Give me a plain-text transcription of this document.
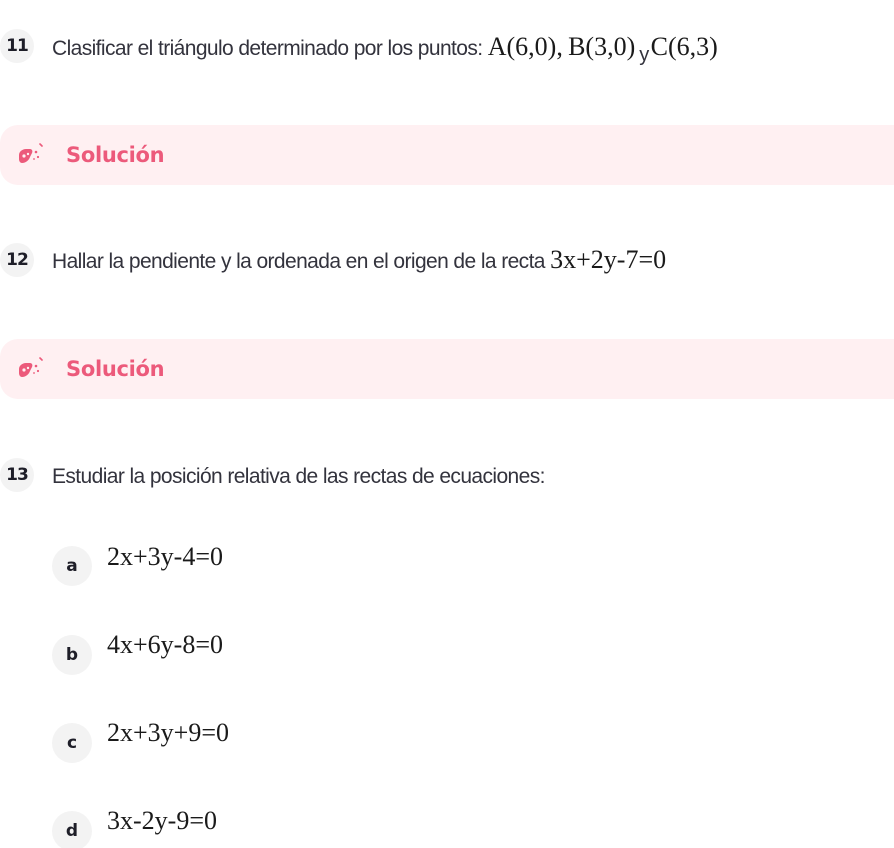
11 Clasificar el triángulo determinado por los puntos: A(6,0), B(3,0) yC(6,3)
Solución
12 Hallar la pendiente y la ordenada en el origen de la recta 3x+2y-7=0
Solución
13 Estudiar la posición relativa de las rectas de ecuaciones:
a 2x+3y-4=0
b 4x+6y-8=0
c 2x+3y+9=0
d 3x-2y-9=0
